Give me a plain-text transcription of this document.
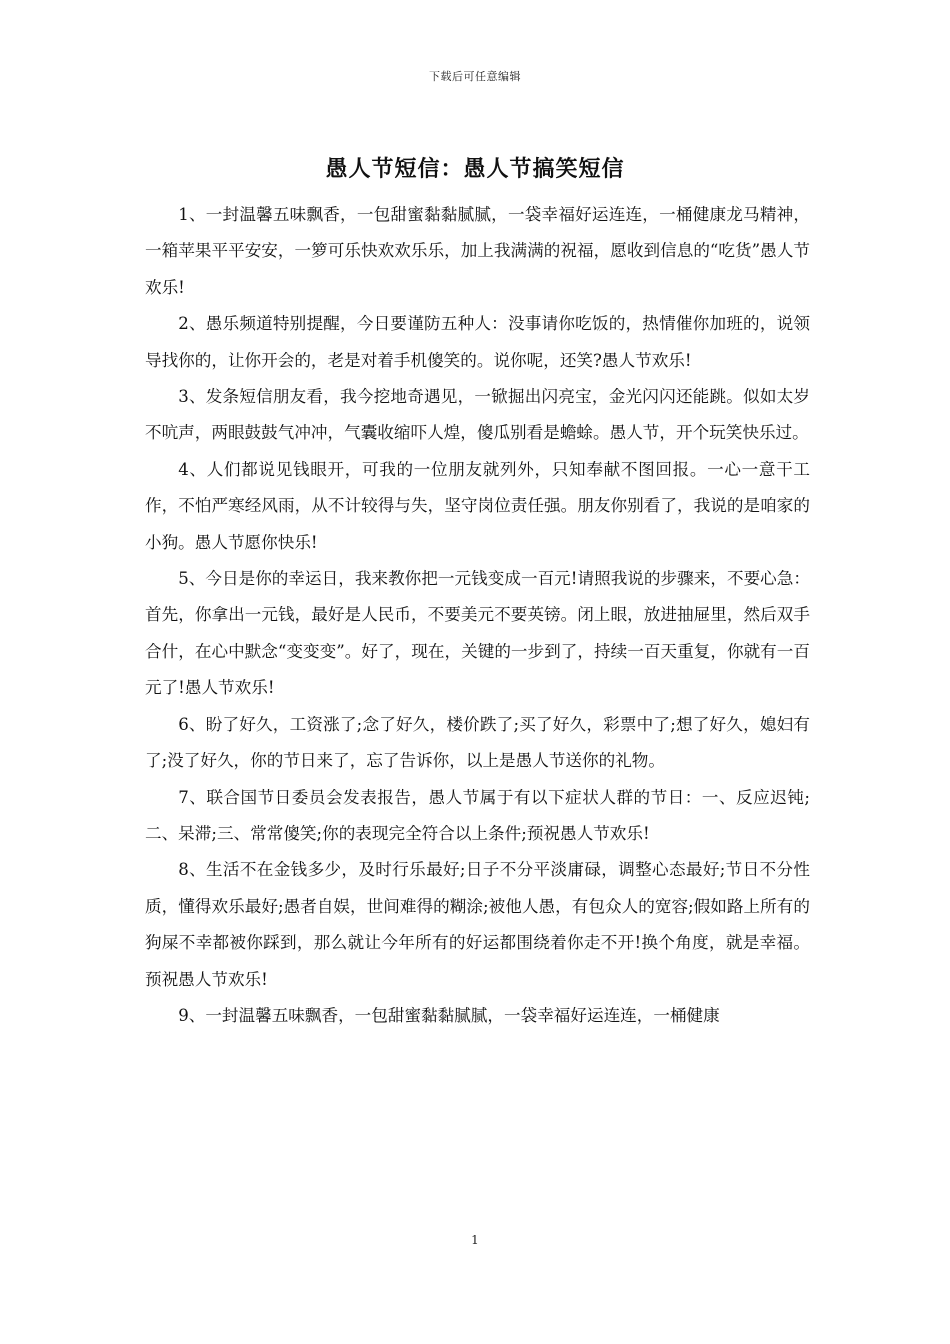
下载后可任意编辑
愚人节短信：愚人节搞笑短信

1、一封温馨五味飘香，一包甜蜜黏黏腻腻，一袋幸福好运连连，一桶健康龙马精神，一箱苹果平平安安，一箩可乐快欢欢乐乐，加上我满满的祝福，愿收到信息的“吃货”愚人节欢乐!

2、愚乐频道特别提醒，今日要谨防五种人：没事请你吃饭的，热情催你加班的，说领导找你的，让你开会的，老是对着手机傻笑的。说你呢，还笑?愚人节欢乐!

3、发条短信朋友看，我今挖地奇遇见，一锨掘出闪亮宝，金光闪闪还能跳。似如太岁不吭声，两眼鼓鼓气冲冲，气囊收缩吓人煌，傻瓜别看是蟾蜍。愚人节，开个玩笑快乐过。

4、人们都说见钱眼开，可我的一位朋友就列外，只知奉献不图回报。一心一意干工作，不怕严寒经风雨，从不计较得与失，坚守岗位责任强。朋友你别看了，我说的是咱家的小狗。愚人节愿你快乐!

5、今日是你的幸运日，我来教你把一元钱变成一百元!请照我说的步骤来，不要心急：首先，你拿出一元钱，最好是人民币，不要美元不要英镑。闭上眼，放进抽屉里，然后双手合什，在心中默念“变变变”。好了，现在，关键的一步到了，持续一百天重复，你就有一百元了!愚人节欢乐!

6、盼了好久，工资涨了;念了好久，楼价跌了;买了好久，彩票中了;想了好久，媳妇有了;没了好久，你的节日来了，忘了告诉你，以上是愚人节送你的礼物。

7、联合国节日委员会发表报告，愚人节属于有以下症状人群的节日：一、反应迟钝;二、呆滞;三、常常傻笑;你的表现完全符合以上条件;预祝愚人节欢乐!

8、生活不在金钱多少，及时行乐最好;日子不分平淡庸碌，调整心态最好;节日不分性质，懂得欢乐最好;愚者自娱，世间难得的糊涂;被他人愚，有包众人的宽容;假如路上所有的狗屎不幸都被你踩到，那么就让今年所有的好运都围绕着你走不开!换个角度，就是幸福。预祝愚人节欢乐!

9、一封温馨五味飘香，一包甜蜜黏黏腻腻，一袋幸福好运连连，一桶健康

1
